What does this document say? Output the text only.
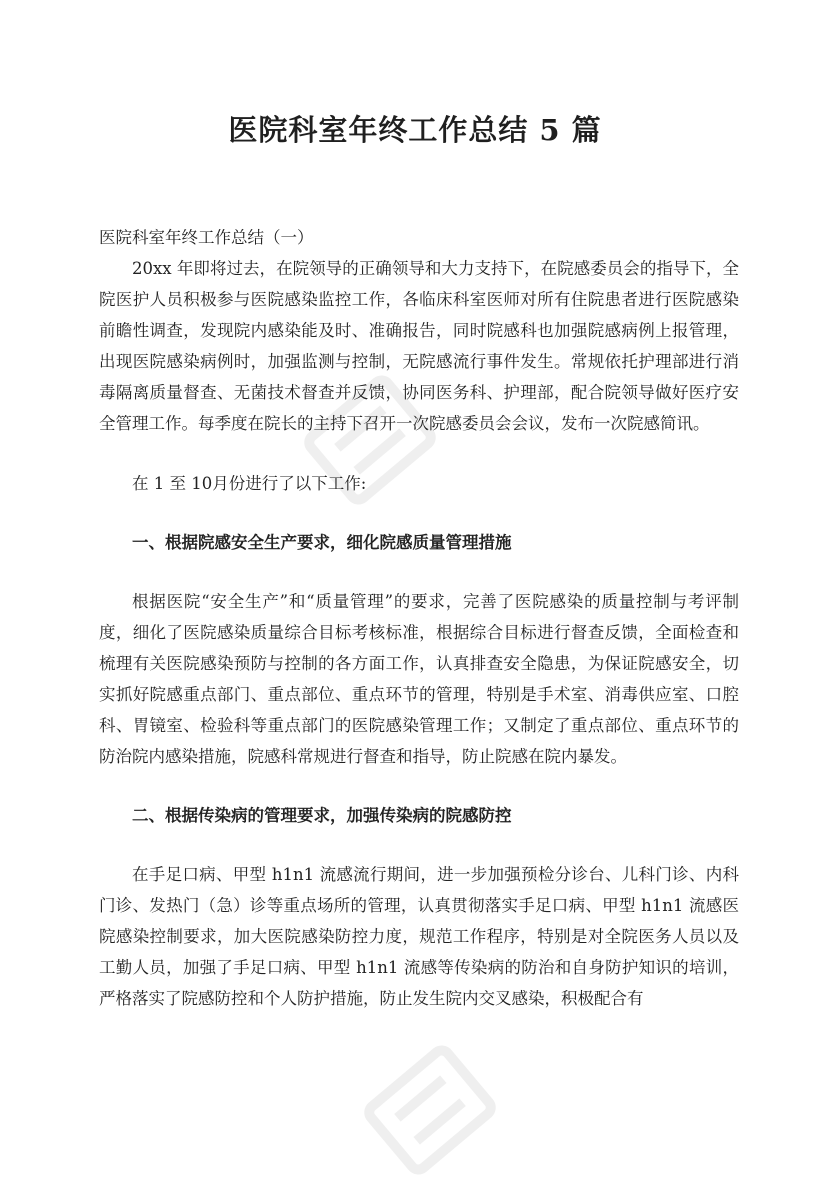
医院科室年终工作总结 5 篇

医院科室年终工作总结（一）

20xx 年即将过去，在院领导的正确领导和大力支持下，在院感委员会的指导下，全院医护人员积极参与医院感染监控工作，各临床科室医师对所有住院患者进行医院感染前瞻性调查，发现院内感染能及时、准确报告，同时院感科也加强院感病例上报管理，出现医院感染病例时，加强监测与控制，无院感流行事件发生。常规依托护理部进行消毒隔离质量督查、无菌技术督查并反馈，协同医务科、护理部，配合院领导做好医疗安全管理工作。每季度在院长的主持下召开一次院感委员会会议，发布一次院感简讯。

在 1 至 10月份进行了以下工作:

一、根据院感安全生产要求，细化院感质量管理措施

根据医院“安全生产”和“质量管理”的要求，完善了医院感染的质量控制与考评制度，细化了医院感染质量综合目标考核标准，根据综合目标进行督查反馈，全面检查和梳理有关医院感染预防与控制的各方面工作，认真排查安全隐患，为保证院感安全，切实抓好院感重点部门、重点部位、重点环节的管理，特别是手术室、消毒供应室、口腔科、胃镜室、检验科等重点部门的医院感染管理工作；又制定了重点部位、重点环节的防治院内感染措施，院感科常规进行督查和指导，防止院感在院内暴发。

二、根据传染病的管理要求，加强传染病的院感防控

在手足口病、甲型 h1n1 流感流行期间，进一步加强预检分诊台、儿科门诊、内科门诊、发热门（急）诊等重点场所的管理，认真贯彻落实手足口病、甲型 h1n1 流感医院感染控制要求，加大医院感染防控力度，规范工作程序，特别是对全院医务人员以及工勤人员，加强了手足口病、甲型 h1n1 流感等传染病的防治和自身防护知识的培训，严格落实了院感防控和个人防护措施，防止发生院内交叉感染，积极配合有
